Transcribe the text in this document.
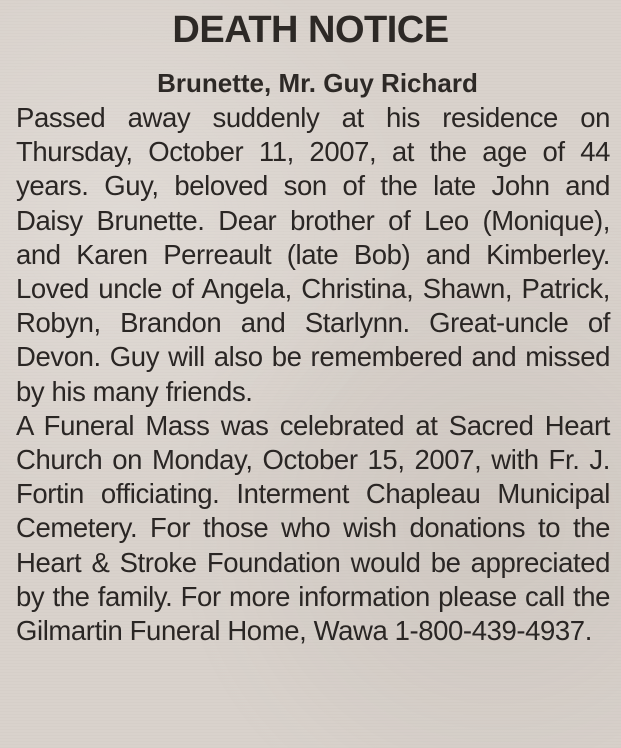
DEATH NOTICE
Brunette, Mr. Guy Richard

Passed away suddenly at his residence on Thursday, October 11, 2007, at the age of 44 years. Guy, beloved son of the late John and Daisy Brunette. Dear brother of Leo (Monique), and Karen Perreault (late Bob) and Kimberley. Loved uncle of Angela, Christina, Shawn, Patrick, Robyn, Brandon and Starlynn. Great-uncle of Devon. Guy will also be remembered and missed by his many friends.

A Funeral Mass was celebrated at Sacred Heart Church on Monday, October 15, 2007, with Fr. J. Fortin officiating. Interment Chapleau Municipal Cemetery. For those who wish donations to the Heart & Stroke Foundation would be appreciated by the family. For more information please call the Gilmartin Funeral Home, Wawa 1-800-439-4937.
